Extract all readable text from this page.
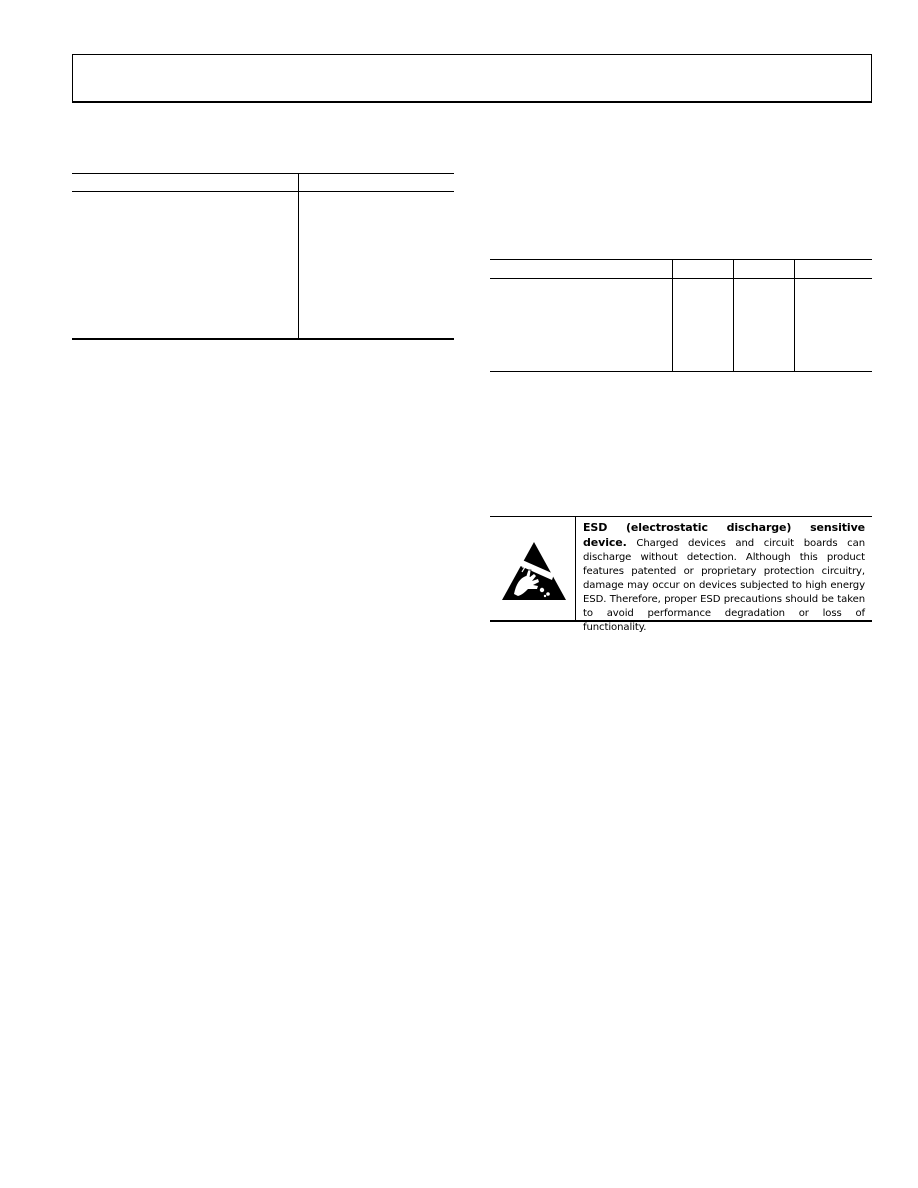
ESD (electrostatic discharge) sensitive device. Charged devices and circuit boards can discharge without detection. Although this product features patented or proprietary protection circuitry, damage may occur on devices subjected to high energy ESD. Therefore, proper ESD precautions should be taken to avoid performance degradation or loss of functionality.
